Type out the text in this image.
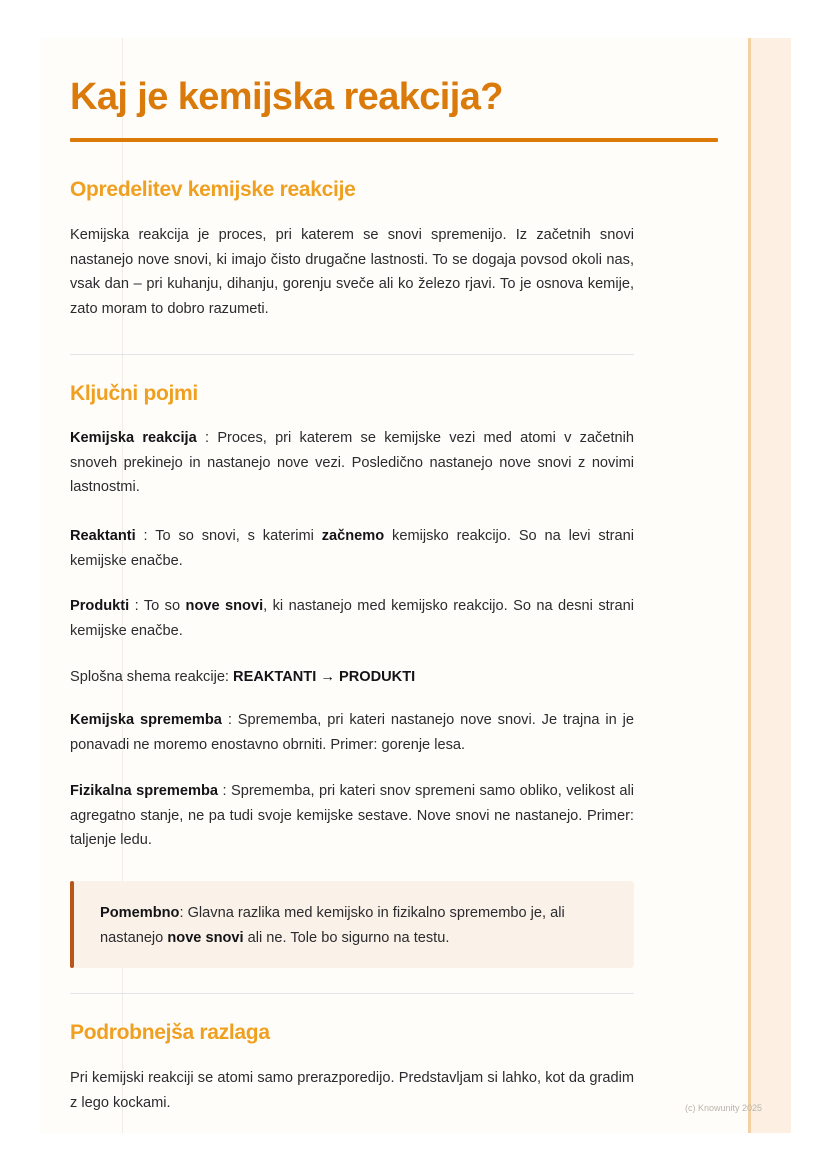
Kaj je kemijska reakcija?
Opredelitev kemijske reakcije

Kemijska reakcija je proces, pri katerem se snovi spremenijo. Iz začetnih snovi nastanejo nove snovi, ki imajo čisto drugačne lastnosti. To se dogaja povsod okoli nas, vsak dan – pri kuhanju, dihanju, gorenju sveče ali ko železo rjavi. To je osnova kemije, zato moram to dobro razumeti.

Ključni pojmi

Kemijska reakcija : Proces, pri katerem se kemijske vezi med atomi v začetnih snoveh prekinejo in nastanejo nove vezi. Posledično nastanejo nove snovi z novimi lastnostmi.

Reaktanti : To so snovi, s katerimi začnemo kemijsko reakcijo. So na levi strani kemijske enačbe.

Produkti : To so nove snovi, ki nastanejo med kemijsko reakcijo. So na desni strani kemijske enačbe.

Splošna shema reakcije: REAKTANTI → PRODUKTI

Kemijska sprememba : Sprememba, pri kateri nastanejo nove snovi. Je trajna in je ponavadi ne moremo enostavno obrniti. Primer: gorenje lesa.

Fizikalna sprememba : Sprememba, pri kateri snov spremeni samo obliko, velikost ali agregatno stanje, ne pa tudi svoje kemijske sestave. Nove snovi ne nastanejo. Primer: taljenje ledu.

Pomembno: Glavna razlika med kemijsko in fizikalno spremembo je, ali nastanejo nove snovi ali ne. Tole bo sigurno na testu.

Podrobnejša razlaga

Pri kemijski reakciji se atomi samo prerazporedijo. Predstavljam si lahko, kot da gradim z lego kockami.	(c) Knowunity 2025
